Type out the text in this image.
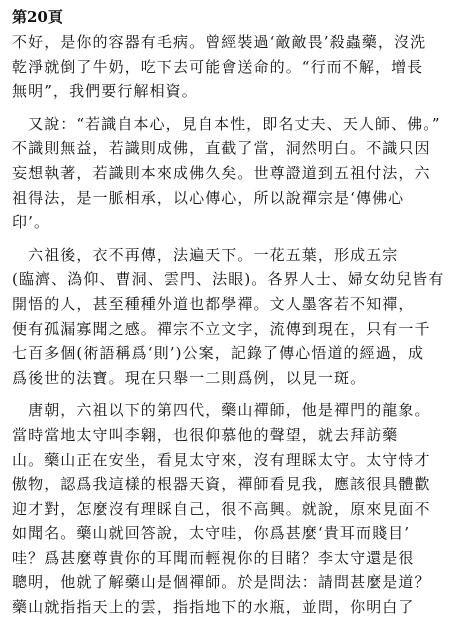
第20頁
不好，是你的容器有毛病。曾經裝過‘敵敵畏’殺蟲藥，沒洗
乾淨就倒了牛奶，吃下去可能會送命的。“行而不解，增長
無明”，我們要行解相資。
　又說：“若識自本心，見自本性，即名丈夫、天人師、佛。”
不識則無益，若識則成佛，直截了當，洞然明白。不識只因
妄想執著，若識則本來成佛久矣。世尊證道到五祖付法，六
祖得法，是一脈相承，以心傳心，所以說禪宗是‘傳佛心
印’。
　六祖後，衣不再傳，法遍天下。一花五葉，形成五宗
(臨濟、溈仰、曹洞、雲門、法眼)。各界人士、婦女幼兒皆有
開悟的人，甚至種種外道也都學禪。文人墨客若不知禪，
便有孤漏寡聞之感。禪宗不立文字，流傳到現在，只有一千
七百多個(術語稱爲‘則’)公案，記錄了傳心悟道的經過，成
爲後世的法寶。現在只舉一二則爲例，以見一斑。
　唐朝，六祖以下的第四代，藥山禪師，他是禪門的龍象。
當時當地太守叫李翱，也很仰慕他的聲望，就去拜訪藥
山。藥山正在安坐，看見太守來，沒有理睬太守。太守恃才
傲物，認爲我這樣的根器天資，禪師看見我，應該很具體歡
迎才對，怎麼沒有理睬自己，很不高興。就說，原來見面不
如聞名。藥山就回答說，太守哇，你爲甚麼‘貴耳而賤目’
哇？爲甚麼尊貴你的耳聞而輕視你的目睹？李太守還是很
聰明，他就了解藥山是個禪師。於是問法：請問甚麼是道？
藥山就指指天上的雲，指指地下的水瓶，並問，你明白了
